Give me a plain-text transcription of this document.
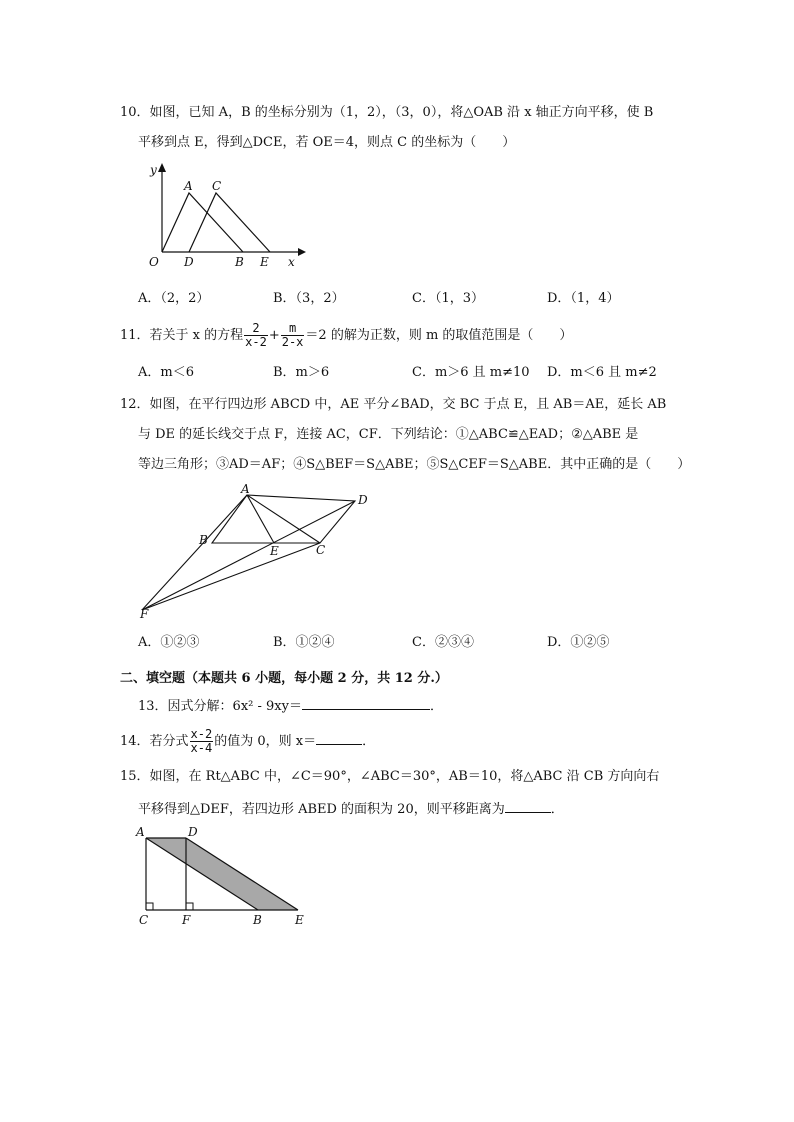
10．如图，已知 A，B 的坐标分别为（1，2），（3，0），将△OAB 沿 x 轴正方向平移，使 B
平移到点 E，得到△DCE，若 OE＝4，则点 C 的坐标为（　　）
y
x
O
A C
D	B E
A．（2，2）	B．（3，2）	C．（1，3）	D．（1，4）
11．若关于 x 的方程 $\frac{2}{x-2} + \frac{m}{2-x} =2$ 的解为正数，则 m 的取值范围是（　　）
A．m＜6	B．m＞6	C．m＞6 且 m≠10 D．m＜6 且 m≠2
12．如图，在平行四边形 ABCD 中，AE 平分∠BAD，交 BC 于点 E，且 AB＝AE，延长 AB
与 DE 的延长线交于点 F，连接 AC，CF．下列结论：①△ABC≌△EAD；②△ABE 是
等边三角形；③AD＝AF；④S△BEF＝S△ABE；⑤S△CEF＝S△ABE．其中正确的是（　　）
A
D
B
E	C
F
A．①②③	B．①②④	C．②③④	D．①②⑤
二、填空题（本题共 6 小题，每小题 2 分，共 12 分.）
13．因式分解：6x² - 9xy＝	．
14．若分式 $\frac{x-2}{x-4}$ 的值为 0，则 x＝	．
15．如图，在 Rt△ABC 中，∠C＝90°，∠ABC＝30°，AB＝10，将△ABC 沿 CB 方向向右
平移得到△DEF，若四边形 ABED 的面积为 20，则平移距离为	．
A	D
C	F	B	E
